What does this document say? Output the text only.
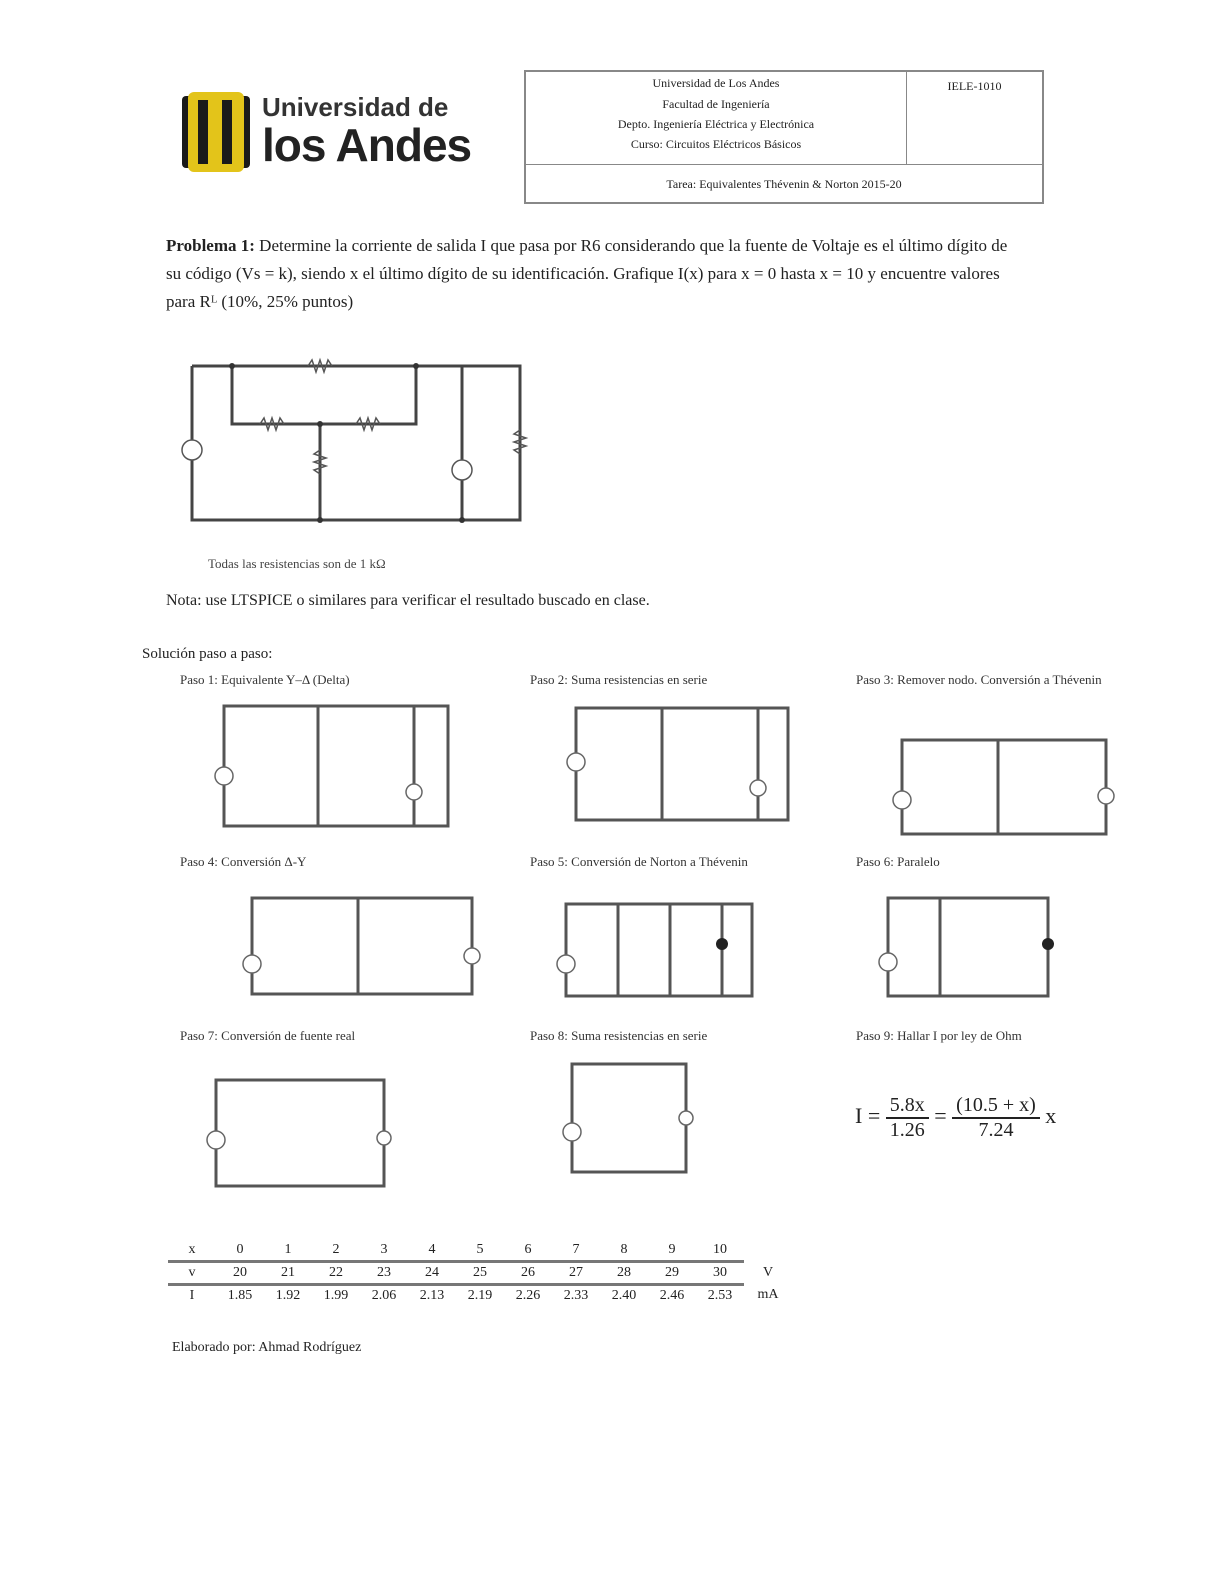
Universidad de
los Andes
Universidad de Los Andes
Facultad de Ingeniería
Depto. Ingeniería Eléctrica y Electrónica
Curso: Circuitos Eléctricos Básicos
IELE-1010
Tarea: Equivalentes Thévenin & Norton 2015-20
Problema 1: Determine la corriente de salida I que pasa por R6 considerando que la fuente de Voltaje es el último dígito de su código (Vs = k), siendo x el último dígito de su identificación. Grafique I(x) para x = 0 hasta x = 10 y encuentre valores para Rᴸ (10%, 25% puntos)
Todas las resistencias son de 1 kΩ
Nota: use LTSPICE o similares para verificar el resultado buscado en clase.
Solución paso a paso:
Paso 1: Equivalente Y–Δ (Delta)	Paso 2: Suma resistencias en serie	Paso 3: Remover nodo. Conversión a Thévenin
Paso 4: Conversión Δ-Y	Paso 5: Conversión de Norton a Thévenin	Paso 6: Paralelo
Paso 7: Conversión de fuente real	Paso 8: Suma resistencias en serie	Paso 9: Hallar I por ley de Ohm
$I = \frac{5.8x}{1.26} = \frac{(10.5 + x)}{7.24}$ x
x	0	1	2	3	4	5	6	7	8	9	10	
v	20	21	22	23	24	25	26	27	28	29	30	V
I	1.85	1.92	1.99	2.06	2.13	2.19	2.26	2.33	2.40	2.46	2.53	mA
Elaborado por: Ahmad Rodríguez
